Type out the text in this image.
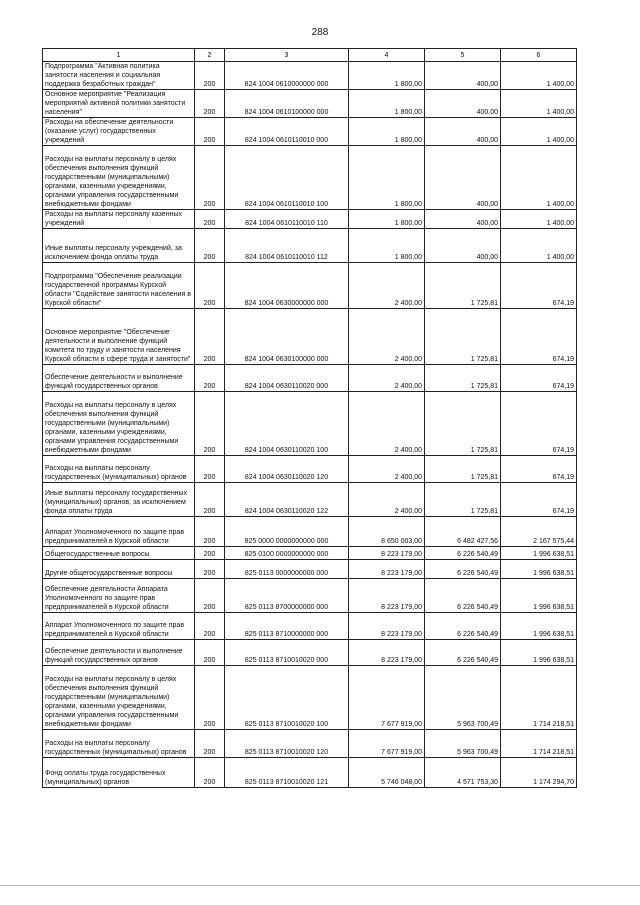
288
1	2	3	4	5	6
Подпрограмма "Активная политика занятости населения и социальная поддержка безработных граждан"	200	824 1004 0610000000 000	1 800,00	400,00	1 400,00
Основное мероприятие "Реализация мероприятий активной политики занятости населения"	200	824 1004 0610100000 000	1 800,00	400,00	1 400,00
Расходы на обеспечение деятельности (оказание услуг) государственных учреждений	200	824 1004 0610110010 000	1 800,00	400,00	1 400,00
Расходы на выплаты персоналу в целях обеспечения выполнения функций государственными (муниципальными) органами, казенными учреждениями, органами управления государственными внебюджетными фондами	200	824 1004 0610110010 100	1 800,00	400,00	1 400,00
Расходы на выплаты персоналу казенных учреждений	200	824 1004 0610110010 110	1 800,00	400,00	1 400,00
Иные выплаты персоналу учреждений, за исключением фонда оплаты труда	200	824 1004 0610110010 112	1 800,00	400,00	1 400,00
Подпрограмма "Обеспечение реализации государственной программы Курской области "Содействие занятости населения в Курской области"	200	824 1004 0630000000 000	2 400,00	1 725,81	674,19
Основное мероприятие "Обеспечение деятельности и выполнение функций комитета по труду и занятости населения Курской области в сфере труда и занятости"	200	824 1004 0630100000 000	2 400,00	1 725,81	674,19
Обеспечение деятельности и выполнение функций государственных органов	200	824 1004 0630110020 000	2 400,00	1 725,81	674,19
Расходы на выплаты персоналу в целях обеспечения выполнения функций государственными (муниципальными) органами, казенными учреждениями, органами управления государственными внебюджетными фондами	200	824 1004 0630110020 100	2 400,00	1 725,81	674,19
Расходы на выплаты персоналу государственных (муниципальных) органов	200	824 1004 0630110020 120	2 400,00	1 725,81	674,19
Иные выплаты персоналу государственных (муниципальных) органов, за исключением фонда оплаты труда	200	824 1004 0630110020 122	2 400,00	1 725,81	674,19
Аппарат Уполномоченного по защите прав предпринимателей в Курской области	200	825 0000 0000000000 000	8 650 003,00	6 482 427,56	2 167 575,44
Общегосударственные вопросы	200	825 0100 0000000000 000	8 223 179,00	6 226 540,49	1 996 638,51
Другие общегосударственные вопросы	200	825 0113 0000000000 000	8 223 179,00	6 226 540,49	1 996 638,51
Обеспечение деятельности Аппарата Уполномоченного по защите прав предпринимателей в Курской области	200	825 0113 8700000000 000	8 223 179,00	6 226 540,49	1 996 638,51
Аппарат Уполномоченного по защите прав предпринимателей в Курской области	200	825 0113 8710000000 000	8 223 179,00	6 226 540,49	1 996 638,51
Обеспечение деятельности и выполнение функций государственных органов	200	825 0113 8710010020 000	8 223 179,00	6 226 540,49	1 996 638,51
Расходы на выплаты персоналу в целях обеспечения выполнения функций государственными (муниципальными) органами, казенными учреждениями, органами управления государственными внебюджетными фондами	200	825 0113 8710010020 100	7 677 919,00	5 963 700,49	1 714 218,51
Расходы на выплаты персоналу государственных (муниципальных) органов	200	825 0113 8710010020 120	7 677 919,00	5 963 700,49	1 714 218,51
Фонд оплаты труда государственных (муниципальных) органов	200	825 0113 8710010020 121	5 746 048,00	4 571 753,30	1 174 294,70
